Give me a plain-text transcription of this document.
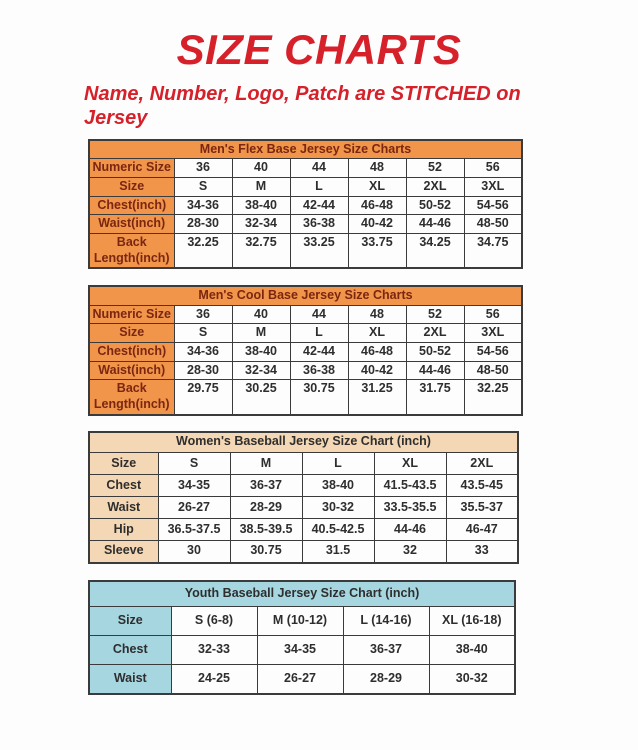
SIZE CHARTS
Name, Number, Logo, Patch are STITCHED on Jersey
Men's Flex Base Jersey Size Charts						
Numeric Size	36	40	44	48	52	56
Size	S	M	L	XL	2XL	3XL
Chest(inch)	34-36	38-40	42-44	46-48	50-52	54-56
Waist(inch)	28-30	32-34	36-38	40-42	44-46	48-50
Back Length(inch)	32.25	32.75	33.25	33.75	34.25	34.75
Men's Cool Base Jersey Size Charts						
Numeric Size	36	40	44	48	52	56
Size	S	M	L	XL	2XL	3XL
Chest(inch)	34-36	38-40	42-44	46-48	50-52	54-56
Waist(inch)	28-30	32-34	36-38	40-42	44-46	48-50
Back Length(inch)	29.75	30.25	30.75	31.25	31.75	32.25
Women's Baseball Jersey Size Chart (inch)					
Size	S	M	L	XL	2XL
Chest	34-35	36-37	38-40	41.5-43.5	43.5-45
Waist	26-27	28-29	30-32	33.5-35.5	35.5-37
Hip	36.5-37.5	38.5-39.5	40.5-42.5	44-46	46-47
Sleeve	30	30.75	31.5	32	33
Youth Baseball Jersey Size Chart (inch)				
Size	S (6-8)	M (10-12)	L (14-16)	XL (16-18)
Chest	32-33	34-35	36-37	38-40
Waist	24-25	26-27	28-29	30-32
